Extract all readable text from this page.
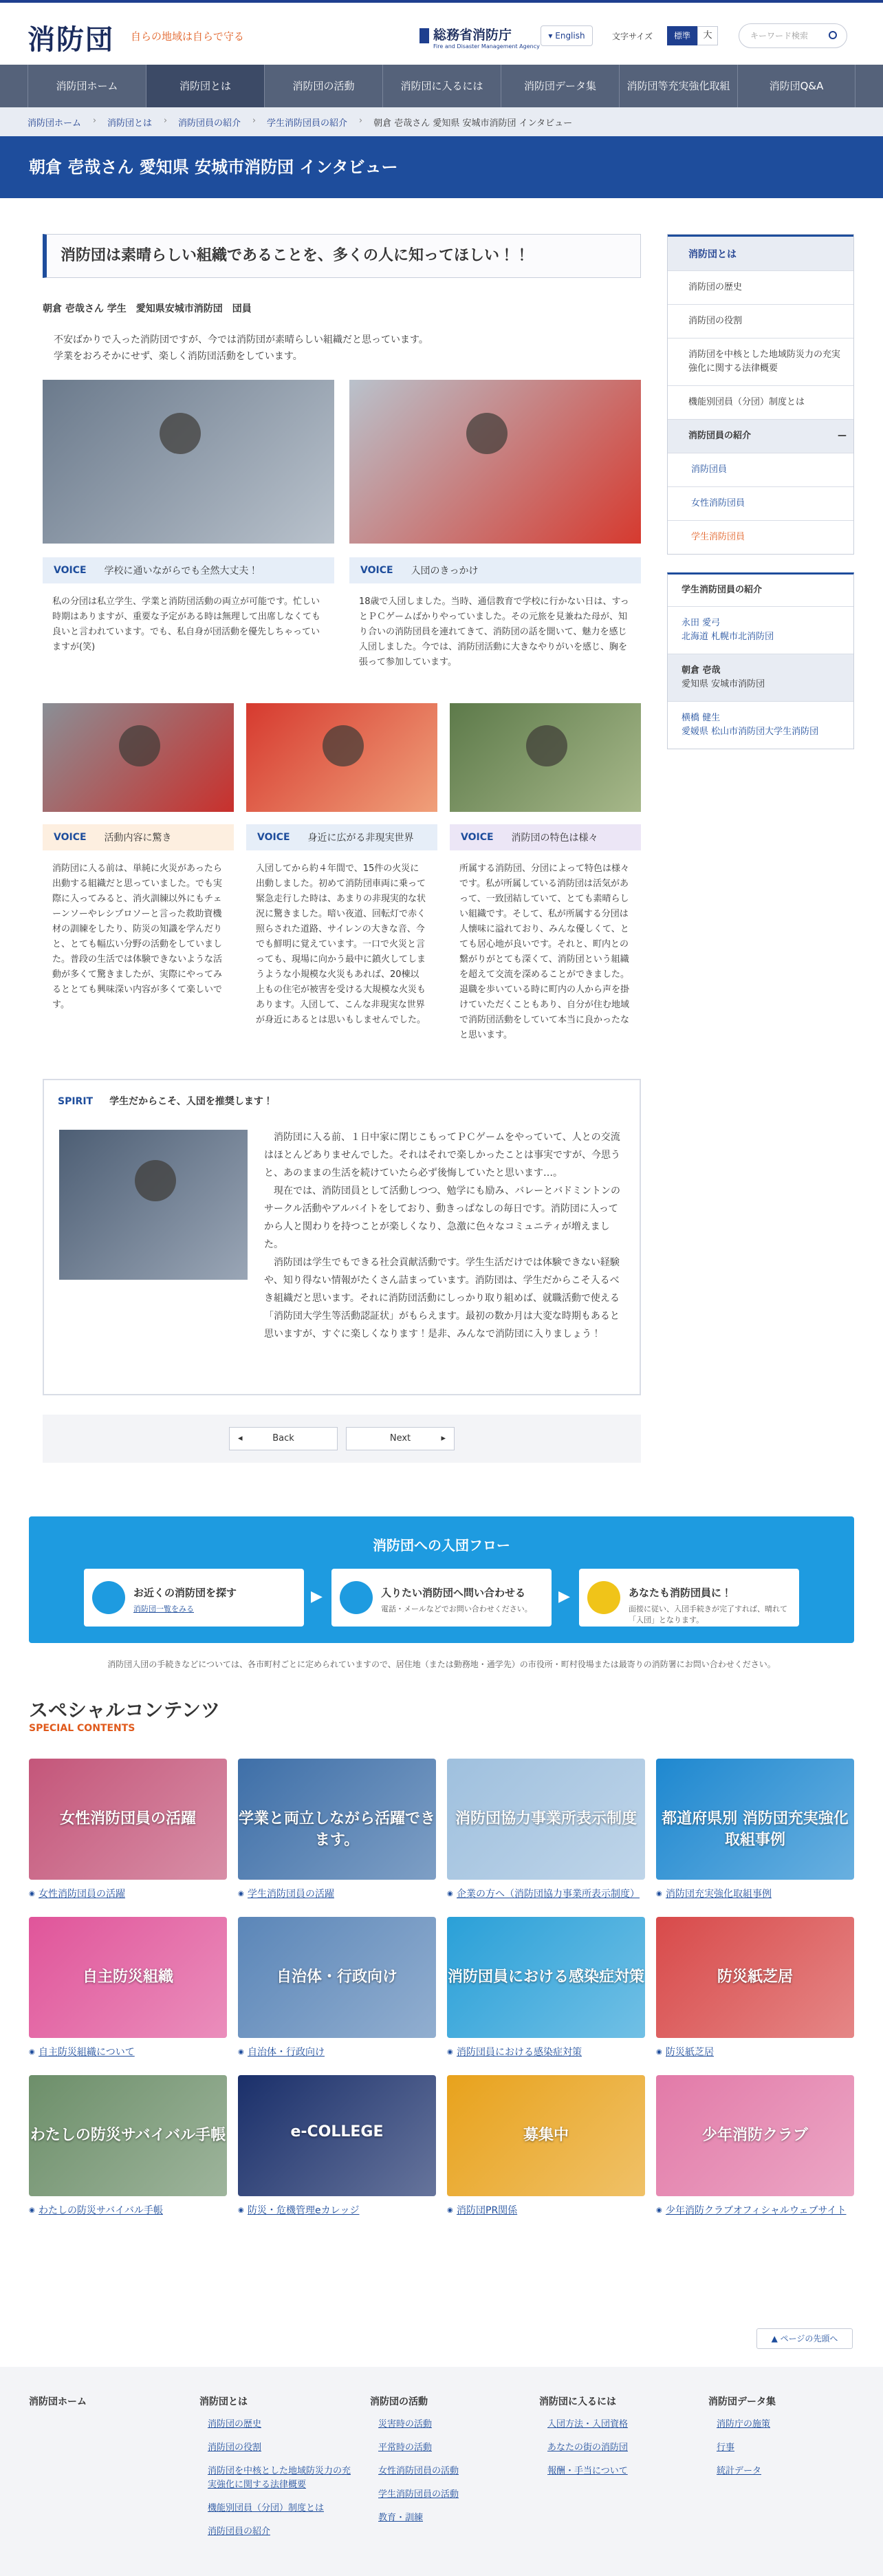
消防団 自らの地域は自らで守る	総務省消防庁
Fire and Disaster Management Agency
▾ English	文字サイズ	標準	大	キーワード検索
消防団ホーム	消防団とは	消防団の活動	消防団に入るには	消防団データ集	消防団等充実強化取組	消防団Q&A
消防団ホーム ›	消防団とは ›	消防団員の紹介 ›	学生消防団員の紹介 ›	朝倉 壱哉さん 愛知県 安城市消防団 インタビュー
朝倉 壱哉さん 愛知県 安城市消防団 インタビュー
消防団は素晴らしい組織であることを、多くの人に知ってほしい！！
朝倉 壱哉さん 学生　愛知県安城市消防団　団員
不安ばかりで入った消防団ですが、今では消防団が素晴らしい組織だと思っています。
学業をおろそかにせず、楽しく消防団活動をしています。
VOICE 学校に通いながらでも全然大丈夫！
私の分団は私立学生、学業と消防団活動の両立が可能です。忙しい時期はありますが、重要な予定がある時は無理して出席しなくても良いと言われています。でも、私自身が団活動を優先しちゃっていますが(笑)
VOICE 入団のきっかけ
18歳で入団しました。当時、通信教育で学校に行かない日は、すっとＰＣゲームばかりやっていました。その元旅を見兼ねた母が、知り合いの消防団員を連れてきて、消防団の話を聞いて、魅力を感じ入団しました。今では、消防団活動に大きなやりがいを感じ、胸を張って参加しています。
VOICE 活動内容に驚き
消防団に入る前は、単純に火災があったら出動する組織だと思っていました。でも実際に入ってみると、消火訓練以外にもチェーンソーやレシプロソーと言った救助資機材の訓練をしたり、防災の知識を学んだりと、とても幅広い分野の活動をしていました。普段の生活では体験できないような活動が多くて驚きましたが、実際にやってみるととても興味深い内容が多くて楽しいです。
VOICE 身近に広がる非現実世界
入団してから約４年間で、15件の火災に出動しました。初めて消防団車両に乗って緊急走行した時は、あまりの非現実的な状況に驚きました。暗い夜道、回転灯で赤く照らされた道路、サイレンの大きな音、今でも鮮明に覚えています。一口で火災と言っても、現場に向かう最中に鎮火してしまうような小規模な火災もあれば、20棟以上もの住宅が被害を受ける大規模な火災もあります。入団して、こんな非現実な世界が身近にあるとは思いもしませんでした。
VOICE 消防団の特色は様々
所属する消防団、分団によって特色は様々です。私が所属している消防団は活気があって、一致団結していて、とても素晴らしい組織です。そして、私が所属する分団は人懐味に溢れており、みんな優しくて、とても居心地が良いです。それと、町内との繋がりがとても深くて、消防団という組織を超えて交流を深めることができました。退職を歩いている時に町内の人から声を掛けていただくこともあり、自分が住む地域で消防団活動をしていて本当に良かったなと思います。
SPIRIT 学生だからこそ、入団を推奨します！

消防団に入る前、１日中家に閉じこもってＰＣゲームをやっていて、人との交流はほとんどありませんでした。それはそれで楽しかったことは事実ですが、今思うと、あのままの生活を続けていたら必ず後悔していたと思います…。

現在では、消防団員として活動しつつ、勉学にも励み、バレーとバドミントンのサークル活動やアルバイトをしており、動きっぱなしの毎日です。消防団に入ってから人と関わりを持つことが楽しくなり、急激に色々なコミュニティが増えました。

消防団は学生でもできる社会貢献活動です。学生生活だけでは体験できない経験や、知り得ない情報がたくさん詰まっています。消防団は、学生だからこそ入るべき組織だと思います。それに消防団活動にしっかり取り組めば、就職活動で使える「消防団大学生等活動認証状」がもらえます。最初の数か月は大変な時期もあると思いますが、すぐに楽しくなります！是非、みんなで消防団に入りましょう！

◂	Back	Next	▸
消防団とは
消防団の歴史
消防団の役割
消防団を中核とした地域防災力の充実強化に関する法律概要
機能別団員（分団）制度とは
消防団員の紹介	—
消防団員
女性消防団員
学生消防団員
学生消防団員の紹介
永田 愛弓
北海道 札幌市北消防団
朝倉 壱哉
愛知県 安城市消防団
横橋 健生
愛媛県 松山市消防団大学生消防団
消防団への入団フロー
お近くの消防団を探す
消防団一覧をみる
▶	入りたい消防団へ問い合わせる
電話・メールなどでお問い合わせください。
▶	あなたも消防団員に！
面接に従い、入団手続きが完了すれば、晴れて「入団」となります。
消防団入団の手続きなどについては、各市町村ごとに定められていますので、居住地（または勤務地・通学先）の市役所・町村役場または最寄りの消防署にお問い合わせください。
スペシャルコンテンツ
SPECIAL CONTENTS
女性消防団員の活躍
◉ 女性消防団員の活躍
学業と両立しながら活躍できます。
◉ 学生消防団員の活躍
消防団協力事業所表示制度
◉ 企業の方へ（消防団協力事業所表示制度）
都道府県別 消防団充実強化取組事例
◉ 消防団充実強化取組事例
自主防災組織
◉ 自主防災組織について
自治体・行政向け
◉ 自治体・行政向け
消防団員における感染症対策
◉ 消防団員における感染症対策
防災紙芝居
◉ 防災紙芝居
わたしの防災サバイバル手帳
◉ わたしの防災サバイバル手帳
e-COLLEGE
◉ 防災・危機管理eカレッジ
募集中
◉ 消防団PR関係
少年消防クラブ
◉ 少年消防クラブオフィシャルウェブサイト
▲ ページの先頭へ
消防団ホーム	消防団とは
消防団の歴史
消防団の役割
消防団を中核とした地域防災力の充実強化に関する法律概要
機能別団員（分団）制度とは
消防団員の紹介
消防団の活動
災害時の活動
平常時の活動
女性消防団員の活動
学生消防団員の活動
教育・訓練
消防団に入るには
入団方法・入団資格
あなたの街の消防団
報酬・手当について
消防団データ集
消防庁の施策
行事
統計データ
